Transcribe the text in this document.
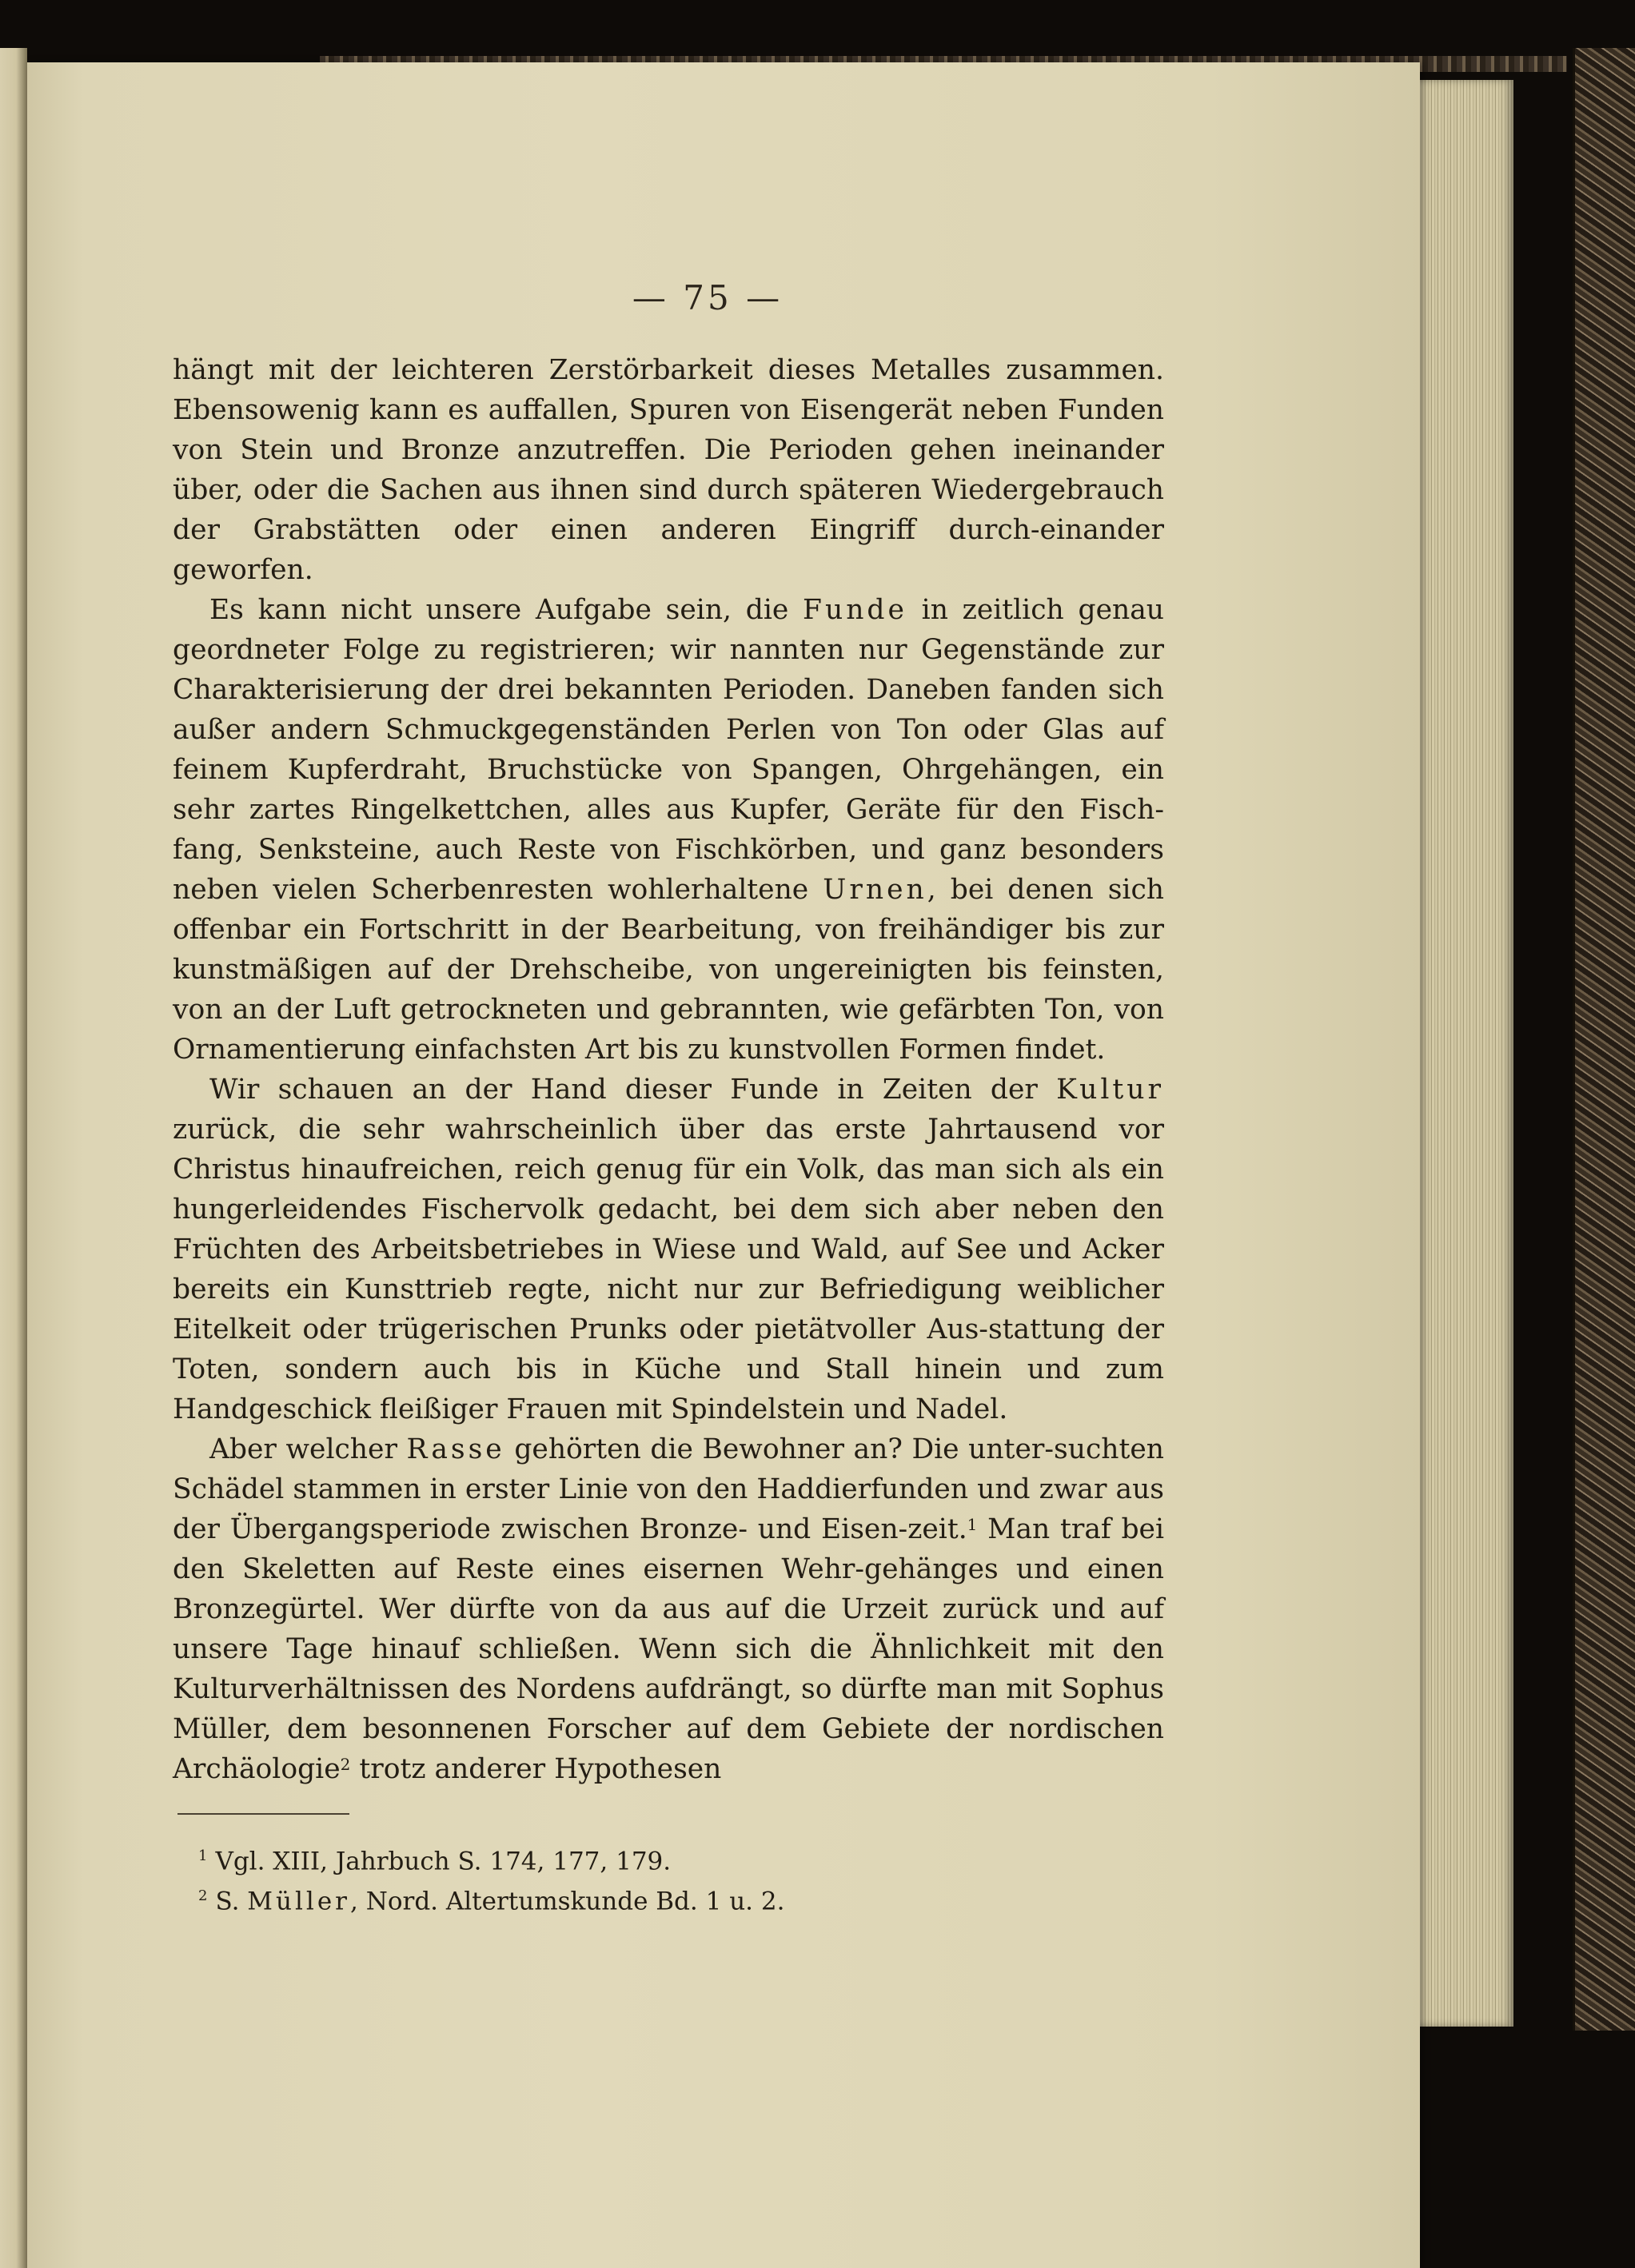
— 75 —

hängt mit der leichteren Zerstörbarkeit dieses Metalles zusammen. Ebensowenig kann es auffallen, Spuren von Eisengerät neben Funden von Stein und Bronze anzutreffen. Die Perioden gehen ineinander über, oder die Sachen aus ihnen sind durch späteren Wiedergebrauch der Grabstätten oder einen anderen Eingriff durch-einander geworfen.

Es kann nicht unsere Aufgabe sein, die Funde in zeitlich genau geordneter Folge zu registrieren; wir nannten nur Gegenstände zur Charakterisierung der drei bekannten Perioden. Daneben fanden sich außer andern Schmuckgegenständen Perlen von Ton oder Glas auf feinem Kupferdraht, Bruchstücke von Spangen, Ohrgehängen, ein sehr zartes Ringelkettchen, alles aus Kupfer, Geräte für den Fisch-fang, Senksteine, auch Reste von Fischkörben, und ganz besonders neben vielen Scherbenresten wohlerhaltene Urnen, bei denen sich offenbar ein Fortschritt in der Bearbeitung, von freihändiger bis zur kunstmäßigen auf der Drehscheibe, von ungereinigten bis feinsten, von an der Luft getrockneten und gebrannten, wie gefärbten Ton, von Ornamentierung einfachsten Art bis zu kunstvollen Formen findet.

Wir schauen an der Hand dieser Funde in Zeiten der Kultur zurück, die sehr wahrscheinlich über das erste Jahrtausend vor Christus hinaufreichen, reich genug für ein Volk, das man sich als ein hungerleidendes Fischervolk gedacht, bei dem sich aber neben den Früchten des Arbeitsbetriebes in Wiese und Wald, auf See und Acker bereits ein Kunsttrieb regte, nicht nur zur Befriedigung weiblicher Eitelkeit oder trügerischen Prunks oder pietätvoller Aus-stattung der Toten, sondern auch bis in Küche und Stall hinein und zum Handgeschick fleißiger Frauen mit Spindelstein und Nadel.

Aber welcher Rasse gehörten die Bewohner an? Die unter-suchten Schädel stammen in erster Linie von den Haddierfunden und zwar aus der Übergangsperiode zwischen Bronze- und Eisen-zeit.$^1$ Man traf bei den Skeletten auf Reste eines eisernen Wehr-gehänges und einen Bronzegürtel. Wer dürfte von da aus auf die Urzeit zurück und auf unsere Tage hinauf schließen. Wenn sich die Ähnlichkeit mit den Kulturverhältnissen des Nordens aufdrängt, so dürfte man mit Sophus Müller, dem besonnenen Forscher auf dem Gebiete der nordischen Archäologie$^2$ trotz anderer Hypothesen

$^1$ Vgl. XIII, Jahrbuch S. 174, 177, 179.

$^2$ S. Müller, Nord. Altertumskunde Bd. 1 u. 2.
